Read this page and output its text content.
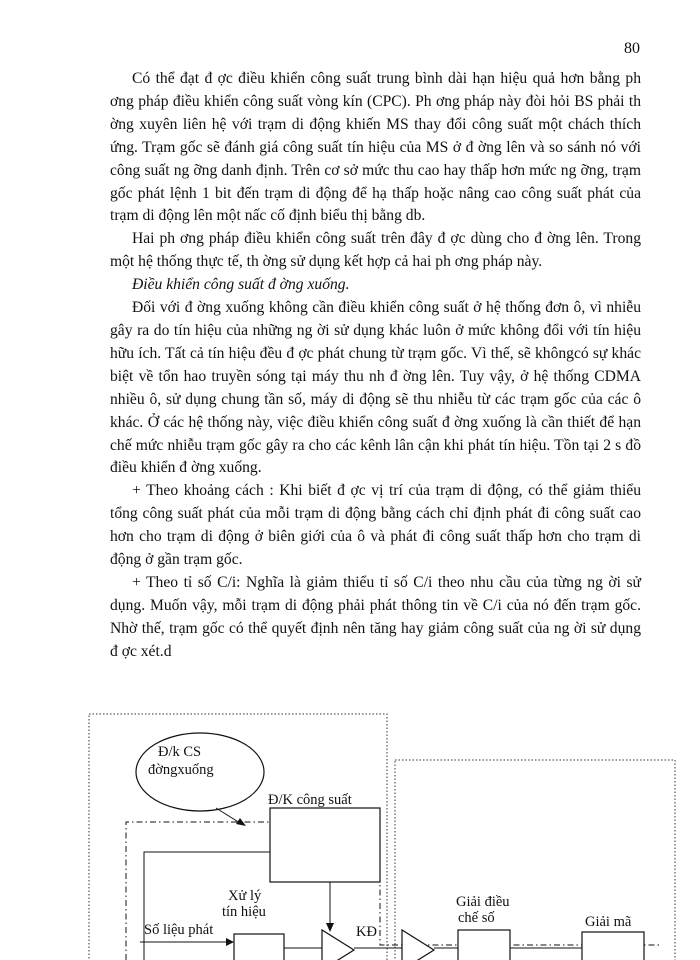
80

Có thể đạt đ ợc điều khiển công suất trung bình dài hạn hiệu quả hơn bằng ph ơng pháp điều khiển công suất vòng kín (CPC). Ph ơng pháp này đòi hỏi BS phải th ờng xuyên liên hệ với trạm di động khiến MS thay đổi công suất một chách thích ứng. Trạm gốc sẽ đánh giá công suất tín hiệu của MS ở đ ờng lên và so sánh nó với công suất ng ỡng danh định. Trên cơ sở mức thu cao hay thấp hơn mức ng ỡng, trạm gốc phát lệnh 1 bit đến trạm di động để hạ thấp hoặc nâng cao công suất phát của trạm di động lên một nấc cố định biểu thị bằng db.

Hai ph ơng pháp điều khiển công suất trên đây đ ợc dùng cho đ ờng lên. Trong một hệ thống thực tế, th ờng sử dụng kết hợp cả hai ph ơng pháp này.

Điều khiển công suất đ ờng xuống.

Đối với đ ờng xuống không cần điều khiển công suất ở hệ thống đơn ô, vì nhiễu gây ra do tín hiệu của những ng ời sử dụng khác luôn ở mức không đổi với tín hiệu hữu ích. Tất cả tín hiệu đều đ ợc phát chung từ trạm gốc. Vì thế, sẽ khôngcó sự khác biệt về tổn hao truyền sóng tại máy thu nh đ ờng lên. Tuy vậy, ở hệ thống CDMA nhiều ô, sử dụng chung tần số, máy di động sẽ thu nhiễu từ các trạm gốc của các ô khác. Ở các hệ thống này, việc điều khiển công suất đ ờng xuống là cần thiết để hạn chế mức nhiễu trạm gốc gây ra cho các kênh lân cận khi phát tín hiệu. Tồn tại 2 s đồ điều khiển đ ờng xuống.

+ Theo khoảng cách : Khi biết đ ợc vị trí của trạm di động, có thể giảm thiểu tổng công suất phát của mỗi trạm di động bằng cách chỉ định phát đi công suất cao hơn cho trạm di động ở biên giới của ô và phát đi công suất thấp hơn cho trạm di động ở gần trạm gốc.

+ Theo tỉ số C/i: Nghĩa là giảm thiểu tỉ số C/i theo nhu cầu của từng ng ời sử dụng. Muốn vậy, mỗi trạm di động phải phát thông tin về C/i của nó đến trạm gốc. Nhờ thế, trạm gốc có thể quyết định nên tăng hay giảm công suất của ng ời sử dụng đ ợc xét.d

Đ/k CS
đờngxuống
Đ/K công suất
Xử lý
tín hiệu
Số liệu phát	KĐ
Giải điều
chế số	Giải mã
